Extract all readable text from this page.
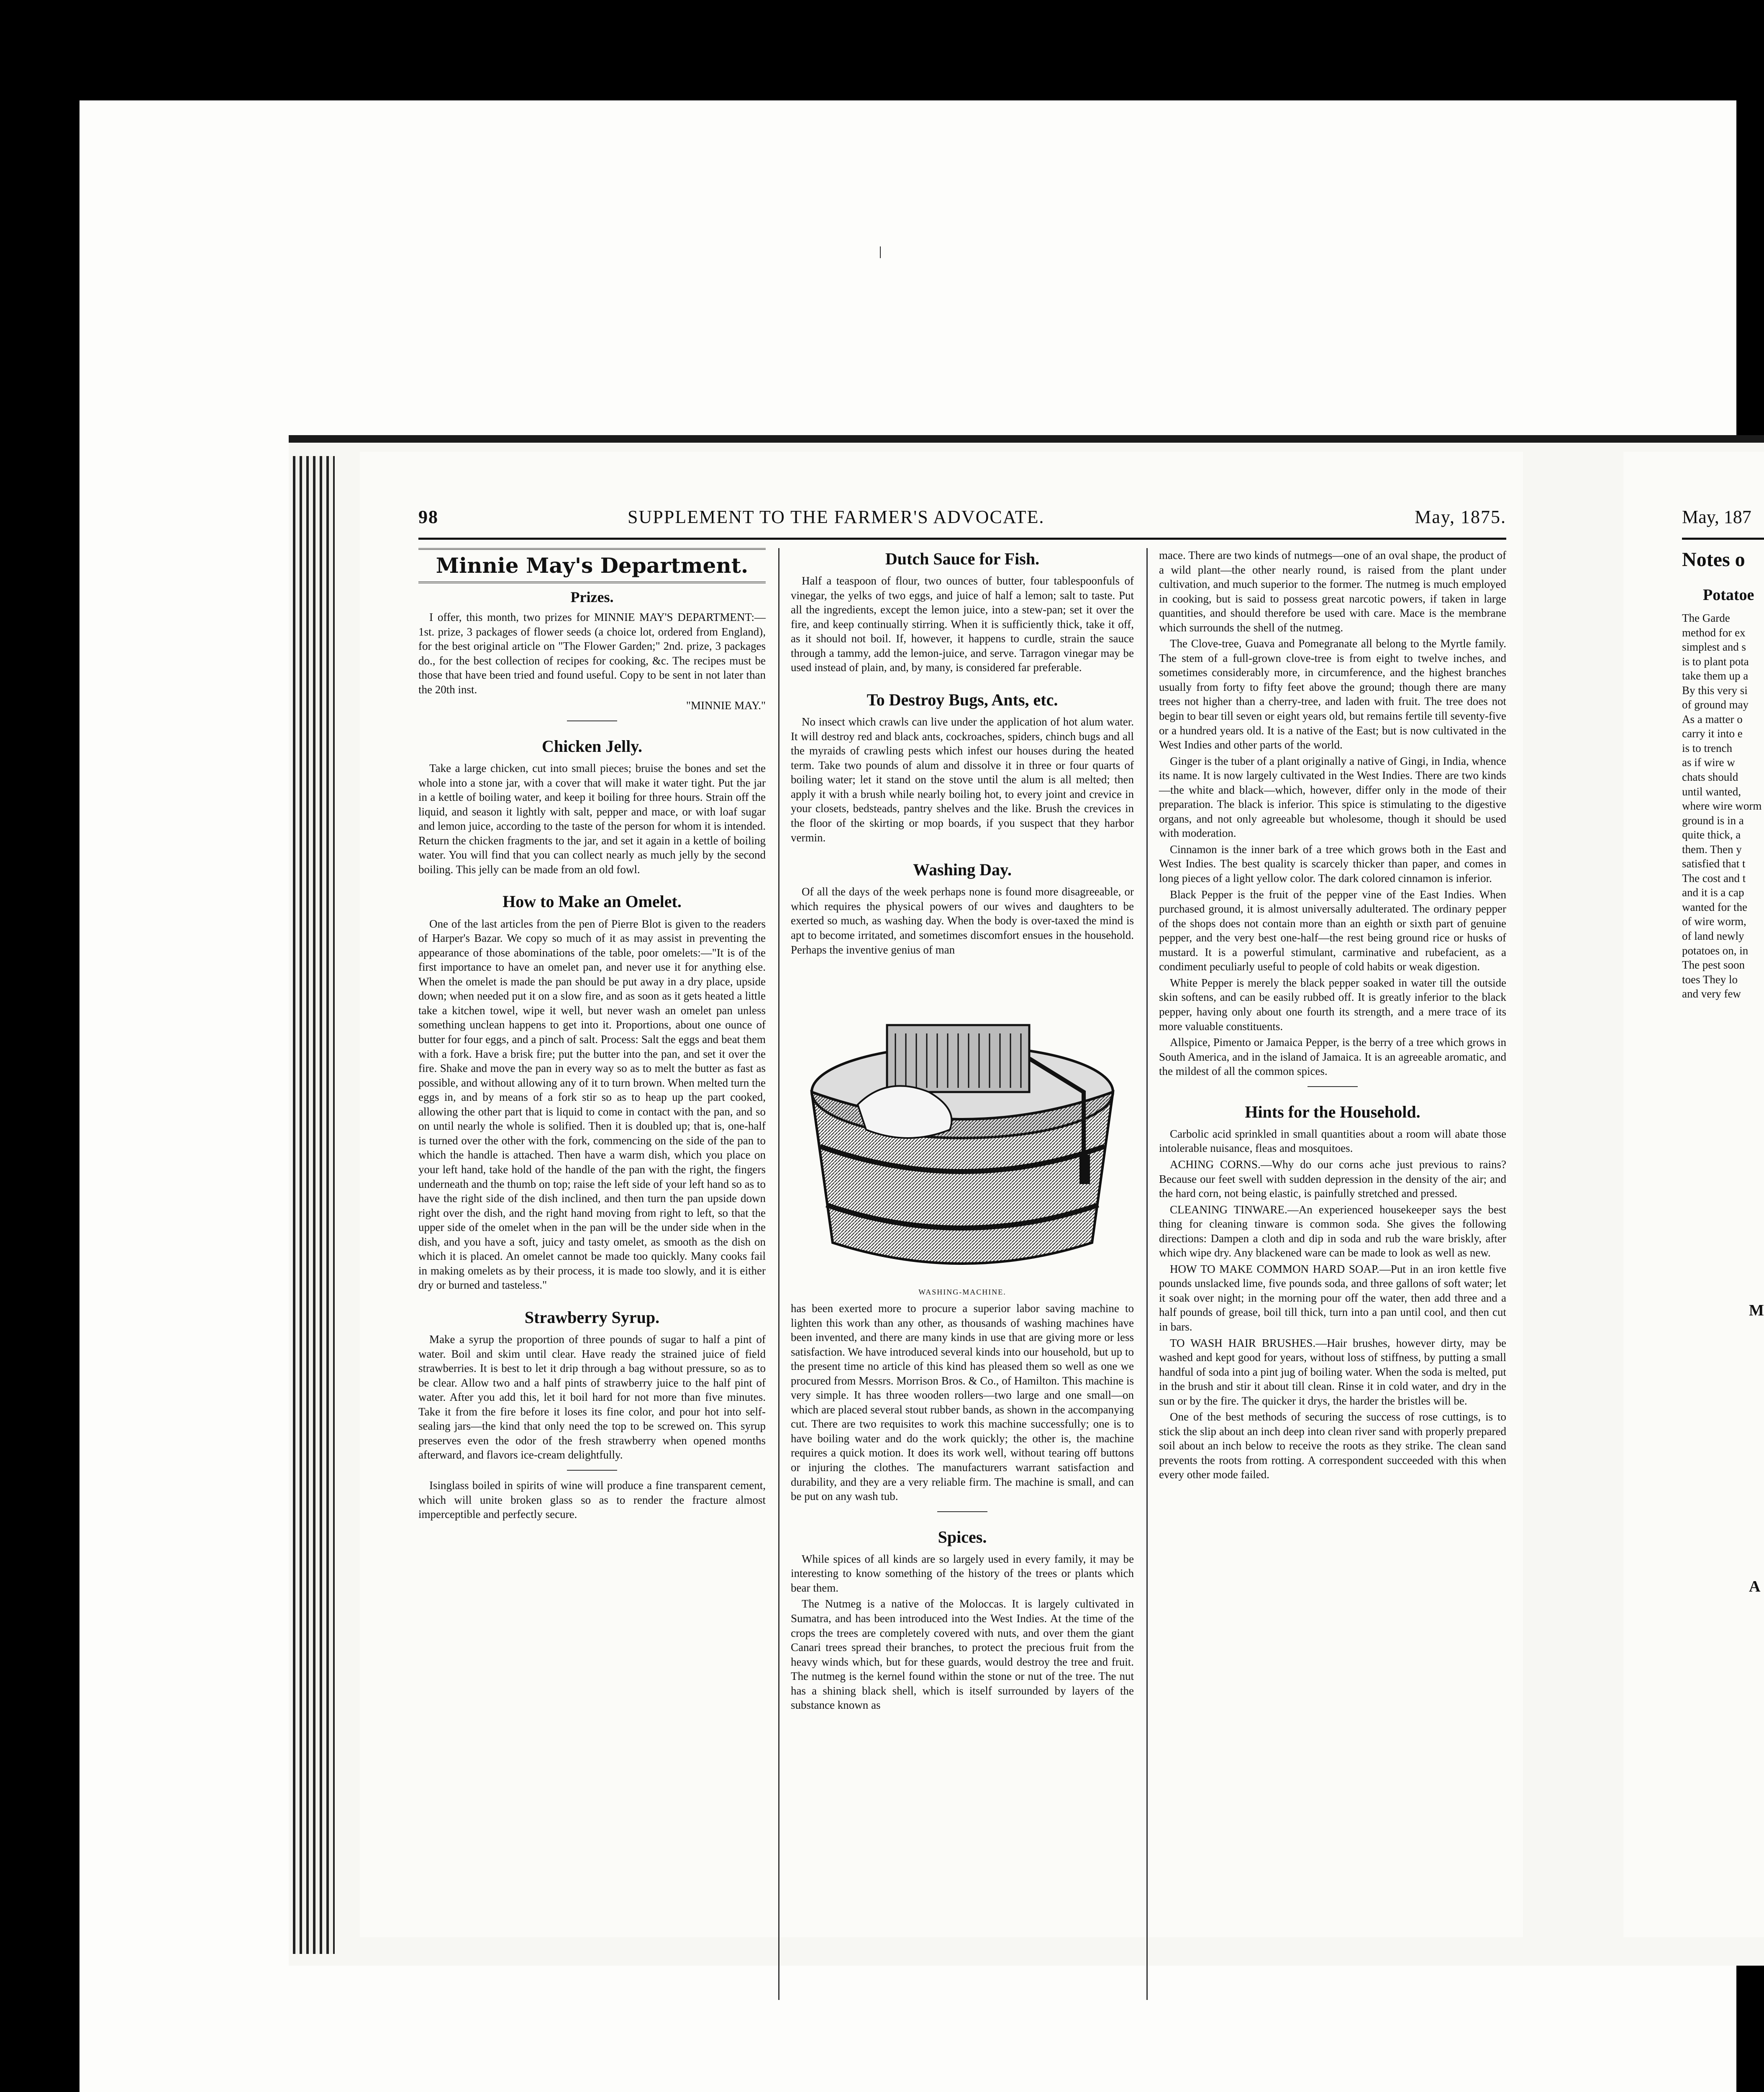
ǀ
98	SUPPLEMENT TO THE FARMER'S ADVOCATE.	May, 1875.
Minnie May's Department.
Prizes.

I offer, this month, two prizes for MINNIE MAY'S DEPARTMENT:—1st. prize, 3 packages of flower seeds (a choice lot, ordered from England), for the best original article on "The Flower Garden;" 2nd. prize, 3 packages do., for the best collection of recipes for cooking, &c. The recipes must be those that have been tried and found useful. Copy to be sent in not later than the 20th inst.

"MINNIE MAY."
Chicken Jelly.

Take a large chicken, cut into small pieces; bruise the bones and set the whole into a stone jar, with a cover that will make it water tight. Put the jar in a kettle of boiling water, and keep it boiling for three hours. Strain off the liquid, and season it lightly with salt, pepper and mace, or with loaf sugar and lemon juice, according to the taste of the person for whom it is intended. Return the chicken fragments to the jar, and set it again in a kettle of boiling water. You will find that you can collect nearly as much jelly by the second boiling. This jelly can be made from an old fowl.

How to Make an Omelet.

One of the last articles from the pen of Pierre Blot is given to the readers of Harper's Bazar. We copy so much of it as may assist in preventing the appearance of those abominations of the table, poor omelets:—"It is of the first importance to have an omelet pan, and never use it for anything else. When the omelet is made the pan should be put away in a dry place, upside down; when needed put it on a slow fire, and as soon as it gets heated a little take a kitchen towel, wipe it well, but never wash an omelet pan unless something unclean happens to get into it. Proportions, about one ounce of butter for four eggs, and a pinch of salt. Process: Salt the eggs and beat them with a fork. Have a brisk fire; put the butter into the pan, and set it over the fire. Shake and move the pan in every way so as to melt the butter as fast as possible, and without allowing any of it to turn brown. When melted turn the eggs in, and by means of a fork stir so as to heap up the part cooked, allowing the other part that is liquid to come in contact with the pan, and so on until nearly the whole is solified. Then it is doubled up; that is, one-half is turned over the other with the fork, commencing on the side of the pan to which the handle is attached. Then have a warm dish, which you place on your left hand, take hold of the handle of the pan with the right, the fingers underneath and the thumb on top; raise the left side of your left hand so as to have the right side of the dish inclined, and then turn the pan upside down right over the dish, and the right hand moving from right to left, so that the upper side of the omelet when in the pan will be the under side when in the dish, and you have a soft, juicy and tasty omelet, as smooth as the dish on which it is placed. An omelet cannot be made too quickly. Many cooks fail in making omelets as by their process, it is made too slowly, and it is either dry or burned and tasteless."

Strawberry Syrup.

Make a syrup the proportion of three pounds of sugar to half a pint of water. Boil and skim until clear. Have ready the strained juice of field strawberries. It is best to let it drip through a bag without pressure, so as to be clear. Allow two and a half pints of strawberry juice to the half pint of water. After you add this, let it boil hard for not more than five minutes. Take it from the fire before it loses its fine color, and pour hot into self-sealing jars—the kind that only need the top to be screwed on. This syrup preserves even the odor of the fresh strawberry when opened months afterward, and flavors ice-cream delightfully.

Isinglass boiled in spirits of wine will produce a fine transparent cement, which will unite broken glass so as to render the fracture almost imperceptible and perfectly secure.

Dutch Sauce for Fish.

Half a teaspoon of flour, two ounces of butter, four tablespoonfuls of vinegar, the yelks of two eggs, and juice of half a lemon; salt to taste. Put all the ingredients, except the lemon juice, into a stew-pan; set it over the fire, and keep continually stirring. When it is sufficiently thick, take it off, as it should not boil. If, however, it happens to curdle, strain the sauce through a tammy, add the lemon-juice, and serve. Tarragon vinegar may be used instead of plain, and, by many, is considered far preferable.

To Destroy Bugs, Ants, etc.

No insect which crawls can live under the application of hot alum water. It will destroy red and black ants, cockroaches, spiders, chinch bugs and all the myraids of crawling pests which infest our houses during the heated term. Take two pounds of alum and dissolve it in three or four quarts of boiling water; let it stand on the stove until the alum is all melted; then apply it with a brush while nearly boiling hot, to every joint and crevice in your closets, bedsteads, pantry shelves and the like. Brush the crevices in the floor of the skirting or mop boards, if you suspect that they harbor vermin.

Washing Day.

Of all the days of the week perhaps none is found more disagreeable, or which requires the physical powers of our wives and daughters to be exerted so much, as washing day. When the body is over-taxed the mind is apt to become irritated, and sometimes discomfort ensues in the household. Perhaps the inventive genius of man

WASHING-MACHINE.

has been exerted more to procure a superior labor saving machine to lighten this work than any other, as thousands of washing machines have been invented, and there are many kinds in use that are giving more or less satisfaction. We have introduced several kinds into our household, but up to the present time no article of this kind has pleased them so well as one we procured from Messrs. Morrison Bros. & Co., of Hamilton. This machine is very simple. It has three wooden rollers—two large and one small—on which are placed several stout rubber bands, as shown in the accompanying cut. There are two requisites to work this machine successfully; one is to have boiling water and do the work quickly; the other is, the machine requires a quick motion. It does its work well, without tearing off buttons or injuring the clothes. The manufacturers warrant satisfaction and durability, and they are a very reliable firm. The machine is small, and can be put on any wash tub.

Spices.

While spices of all kinds are so largely used in every family, it may be interesting to know something of the history of the trees or plants which bear them.

The Nutmeg is a native of the Moloccas. It is largely cultivated in Sumatra, and has been introduced into the West Indies. At the time of the crops the trees are completely covered with nuts, and over them the giant Canari trees spread their branches, to protect the precious fruit from the heavy winds which, but for these guards, would destroy the tree and fruit. The nutmeg is the kernel found within the stone or nut of the tree. The nut has a shining black shell, which is itself surrounded by layers of the substance known as

mace. There are two kinds of nutmegs—one of an oval shape, the product of a wild plant—the other nearly round, is raised from the plant under cultivation, and much superior to the former. The nutmeg is much employed in cooking, but is said to possess great narcotic powers, if taken in large quantities, and should therefore be used with care. Mace is the membrane which surrounds the shell of the nutmeg.

The Clove-tree, Guava and Pomegranate all belong to the Myrtle family. The stem of a full-grown clove-tree is from eight to twelve inches, and sometimes considerably more, in circumference, and the highest branches usually from forty to fifty feet above the ground; though there are many trees not higher than a cherry-tree, and laden with fruit. The tree does not begin to bear till seven or eight years old, but remains fertile till seventy-five or a hundred years old. It is a native of the East; but is now cultivated in the West Indies and other parts of the world.

Ginger is the tuber of a plant originally a native of Gingi, in India, whence its name. It is now largely cultivated in the West Indies. There are two kinds—the white and black—which, however, differ only in the mode of their preparation. The black is inferior. This spice is stimulating to the digestive organs, and not only agreeable but wholesome, though it should be used with moderation.

Cinnamon is the inner bark of a tree which grows both in the East and West Indies. The best quality is scarcely thicker than paper, and comes in long pieces of a light yellow color. The dark colored cinnamon is inferior.

Black Pepper is the fruit of the pepper vine of the East Indies. When purchased ground, it is almost universally adulterated. The ordinary pepper of the shops does not contain more than an eighth or sixth part of genuine pepper, and the very best one-half—the rest being ground rice or husks of mustard. It is a powerful stimulant, carminative and rubefacient, as a condiment peculiarly useful to people of cold habits or weak digestion.

White Pepper is merely the black pepper soaked in water till the outside skin softens, and can be easily rubbed off. It is greatly inferior to the black pepper, having only about one fourth its strength, and a mere trace of its more valuable constituents.

Allspice, Pimento or Jamaica Pepper, is the berry of a tree which grows in South America, and in the island of Jamaica. It is an agreeable aromatic, and the mildest of all the common spices.

Hints for the Household.

Carbolic acid sprinkled in small quantities about a room will abate those intolerable nuisance, fleas and mosquitoes.

ACHING CORNS.—Why do our corns ache just previous to rains? Because our feet swell with sudden depression in the density of the air; and the hard corn, not being elastic, is painfully stretched and pressed.

CLEANING TINWARE.—An experienced housekeeper says the best thing for cleaning tinware is common soda. She gives the following directions: Dampen a cloth and dip in soda and rub the ware briskly, after which wipe dry. Any blackened ware can be made to look as well as new.

HOW TO MAKE COMMON HARD SOAP.—Put in an iron kettle five pounds unslacked lime, five pounds soda, and three gallons of soft water; let it soak over night; in the morning pour off the water, then add three and a half pounds of grease, boil till thick, turn into a pan until cool, and then cut in bars.

TO WASH HAIR BRUSHES.—Hair brushes, however dirty, may be washed and kept good for years, without loss of stiffness, by putting a small handful of soda into a pint jug of boiling water. When the soda is melted, put in the brush and stir it about till clean. Rinse it in cold water, and dry in the sun or by the fire. The quicker it drys, the harder the bristles will be.

One of the best methods of securing the success of rose cuttings, is to stick the slip about an inch deep into clean river sand with properly prepared soil about an inch below to receive the roots as they strike. The clean sand prevents the roots from rotting. A correspondent succeeded with this when every other mode failed.

May, 187
Notes o
Potatoe
The Garde
method for ex
simplest and s
is to plant pota
take them up a
By this very si
of ground may
As a matter o
carry it into e
is to trench
as if wire w
chats should
until wanted,
where wire worm
ground is in a
quite thick, a
them. Then y
satisfied that t
The cost and t
and it is a cap
wanted for the
of wire worm,
of land newly
potatoes on, in
The pest soon
toes They lo
and very few
M
A
